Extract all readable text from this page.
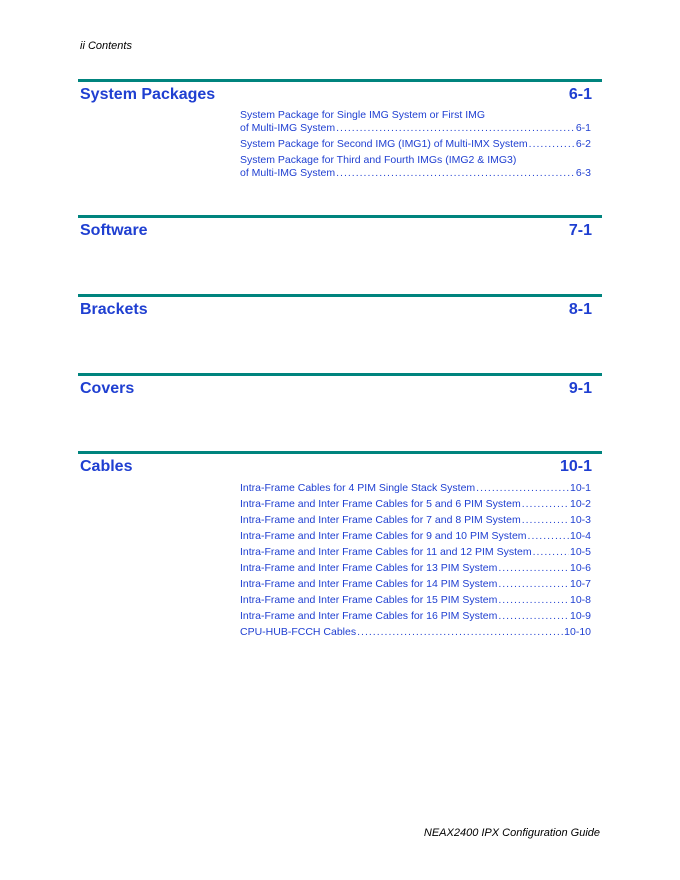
ii Contents
System Packages	6-1
System Package for Single IMG System or First IMG
of Multi-IMG System .....	6-1
System Package for Second IMG (IMG1) of Multi-IMX System .....	6-2
System Package for Third and Fourth IMGs (IMG2 & IMG3)
of Multi-IMG System .....	6-3
Software	7-1
Brackets	8-1
Covers	9-1
Cables	10-1
Intra-Frame Cables for 4 PIM Single Stack System .....	10-1
Intra-Frame and Inter Frame Cables for 5 and 6 PIM System .....	10-2
Intra-Frame and Inter Frame Cables for 7 and 8 PIM System .....	10-3
Intra-Frame and Inter Frame Cables for 9 and 10 PIM System .....	10-4
Intra-Frame and Inter Frame Cables for 11 and 12 PIM System .....	10-5
Intra-Frame and Inter Frame Cables for 13 PIM System .....	10-6
Intra-Frame and Inter Frame Cables for 14 PIM System .....	10-7
Intra-Frame and Inter Frame Cables for 15 PIM System .....	10-8
Intra-Frame and Inter Frame Cables for 16 PIM System .....	10-9
CPU-HUB-FCCH Cables .....	10-10
NEAX2400 IPX Configuration Guide
